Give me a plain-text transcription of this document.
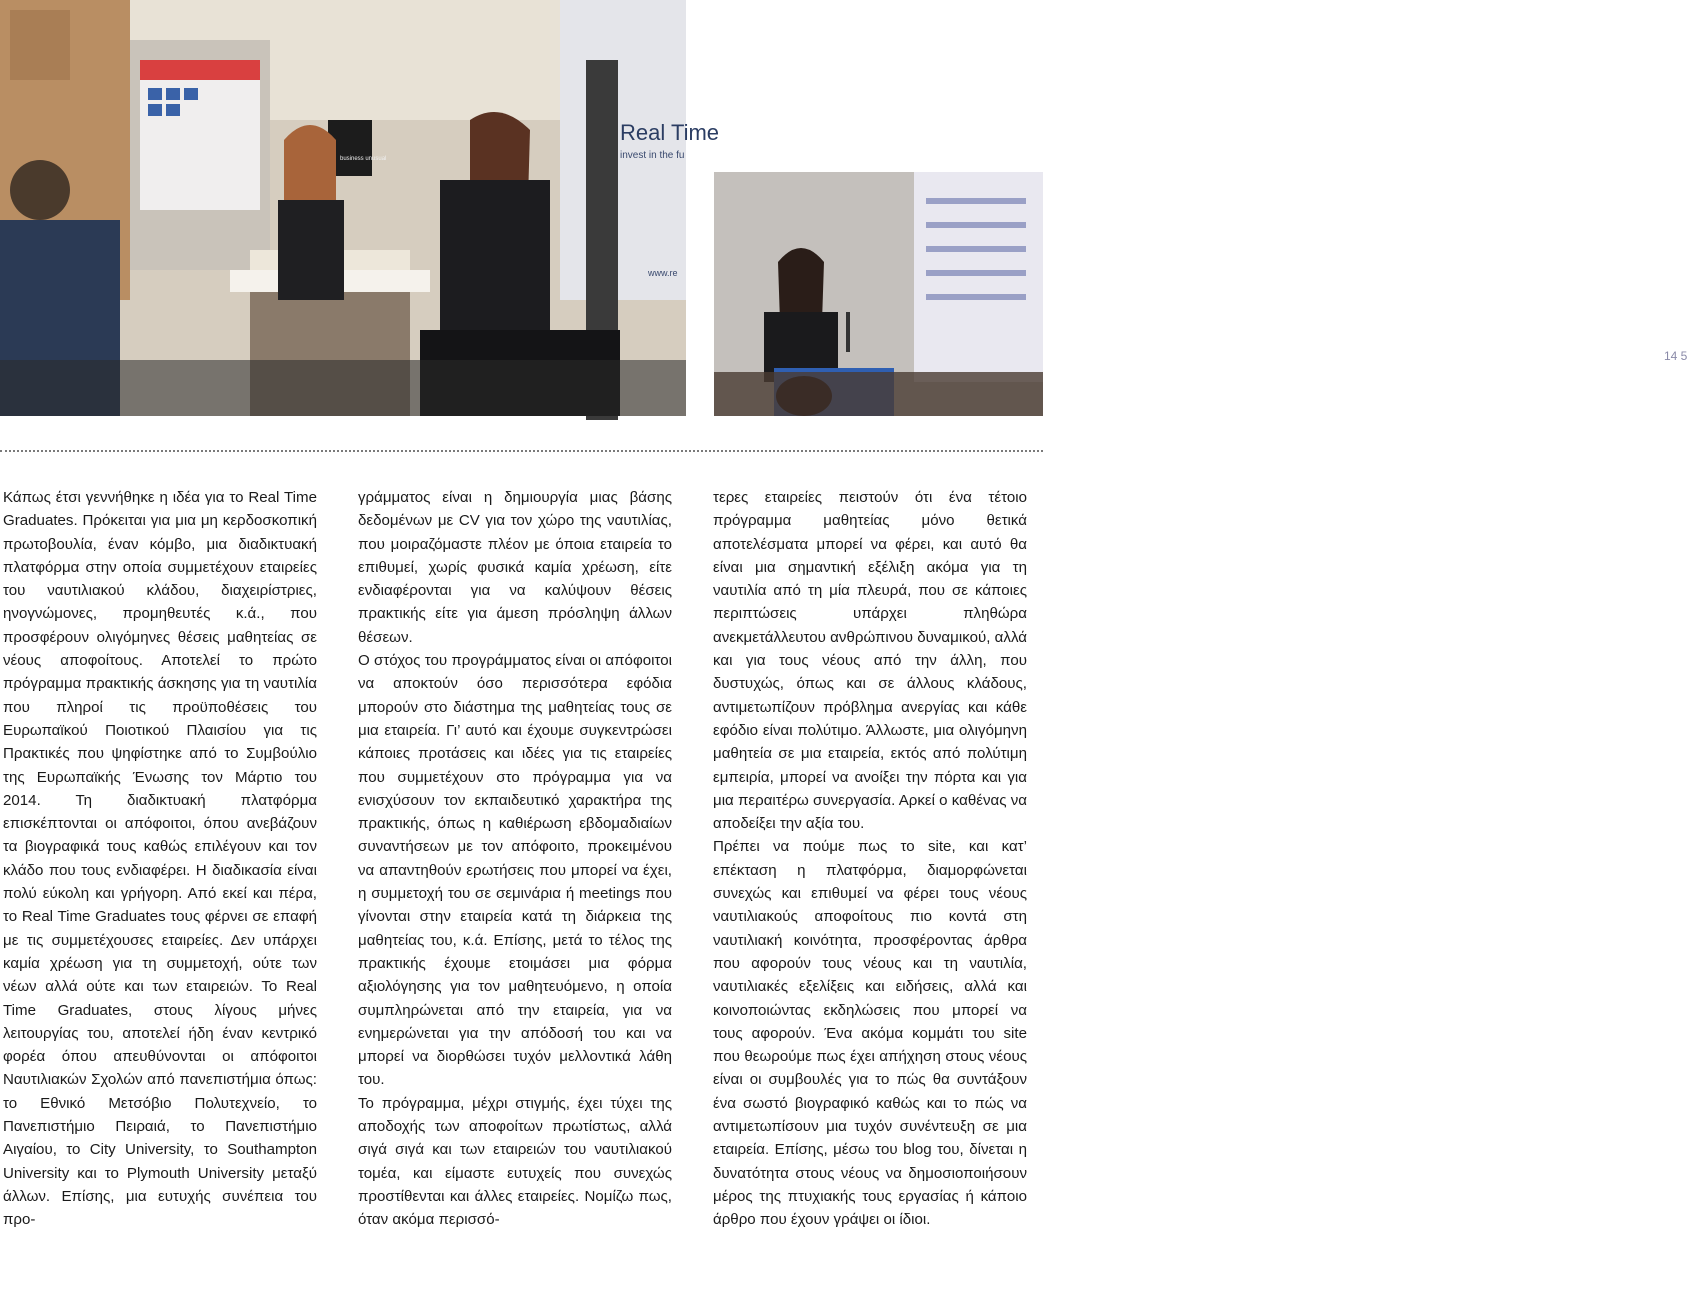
Real Time
invest in the fu
www.re
business unusual
14 5
nia 2016

Κάπως έτσι γεννήθηκε η ιδέα για το Real Time Graduates. Πρόκειται για μια μη κερδοσκοπική πρωτοβουλία, έναν κόμβο, μια διαδικτυακή πλατφόρμα στην οποία συμμετέχουν εταιρείες του ναυτιλιακού κλάδου, διαχειρίστριες, ηνογνώμονες, προμηθευτές κ.ά., που προσφέρουν ολιγόμηνες θέσεις μαθητείας σε νέους αποφοίτους. Αποτελεί το πρώτο πρόγραμμα πρακτικής άσκησης για τη ναυτιλία που πληροί τις προϋποθέσεις του Ευρωπαϊκού Ποιοτικού Πλαισίου για τις Πρακτικές που ψηφίστηκε από το Συμβούλιο της Ευρωπαϊκής Ένωσης τον Μάρτιο του 2014. Τη διαδικτυακή πλατφόρμα επισκέπτονται οι απόφοιτοι, όπου ανεβάζουν τα βιογραφικά τους καθώς επιλέγουν και τον κλάδο που τους ενδιαφέρει. Η διαδικασία είναι πολύ εύκολη και γρήγορη. Από εκεί και πέρα, το Real Time Graduates τους φέρνει σε επαφή με τις συμμετέχουσες εταιρείες. Δεν υπάρχει καμία χρέωση για τη συμμετοχή, ούτε των νέων αλλά ούτε και των εταιρειών. Το Real Time Graduates, στους λίγους μήνες λειτουργίας του, αποτελεί ήδη έναν κεντρικό φορέα όπου απευθύνονται οι απόφοιτοι Ναυτιλιακών Σχολών από πανεπιστήμια όπως: το Εθνικό Μετσόβιο Πολυτεχνείο, το Πανεπιστήμιο Πειραιά, το Πανεπιστήμιο Αιγαίου, το City University, το Southampton University και το Plymouth University μεταξύ άλλων. Επίσης, μια ευτυχής συνέπεια του προ-

γράμματος είναι η δημιουργία μιας βάσης δεδομένων με CV για τον χώρο της ναυτιλίας, που μοιραζόμαστε πλέον με όποια εταιρεία το επιθυμεί, χωρίς φυσικά καμία χρέωση, είτε ενδιαφέρονται για να καλύψουν θέσεις πρακτικής είτε για άμεση πρόσληψη άλλων θέσεων.

Ο στόχος του προγράμματος είναι οι απόφοιτοι να αποκτούν όσο περισσότερα εφόδια μπορούν στο διάστημα της μαθητείας τους σε μια εταιρεία. Γι’ αυτό και έχουμε συγκεντρώσει κάποιες προτάσεις και ιδέες για τις εταιρείες που συμμετέχουν στο πρόγραμμα για να ενισχύσουν τον εκπαιδευτικό χαρακτήρα της πρακτικής, όπως η καθιέρωση εβδομαδιαίων συναντήσεων με τον απόφοιτο, προκειμένου να απαντηθούν ερωτήσεις που μπορεί να έχει, η συμμετοχή του σε σεμινάρια ή meetings που γίνονται στην εταιρεία κατά τη διάρκεια της μαθητείας του, κ.ά. Επίσης, μετά το τέλος της πρακτικής έχουμε ετοιμάσει μια φόρμα αξιολόγησης για τον μαθητευόμενο, η οποία συμπληρώνεται από την εταιρεία, για να ενημερώνεται για την απόδοσή του και να μπορεί να διορθώσει τυχόν μελλοντικά λάθη του.

Το πρόγραμμα, μέχρι στιγμής, έχει τύχει της αποδοχής των αποφοίτων πρωτίστως, αλλά σιγά σιγά και των εταιρειών του ναυτιλιακού τομέα, και είμαστε ευτυχείς που συνεχώς προστίθενται και άλλες εταιρείες. Νομίζω πως, όταν ακόμα περισσό-

τερες εταιρείες πειστούν ότι ένα τέτοιο πρόγραμμα μαθητείας μόνο θετικά αποτελέσματα μπορεί να φέρει, και αυτό θα είναι μια σημαντική εξέλιξη ακόμα για τη ναυτιλία από τη μία πλευρά, που σε κάποιες περιπτώσεις υπάρχει πληθώρα ανεκμετάλλευτου ανθρώπινου δυναμικού, αλλά και για τους νέους από την άλλη, που δυστυχώς, όπως και σε άλλους κλάδους, αντιμετωπίζουν πρόβλημα ανεργίας και κάθε εφόδιο είναι πολύτιμο. Άλλωστε, μια ολιγόμηνη μαθητεία σε μια εταιρεία, εκτός από πολύτιμη εμπειρία, μπορεί να ανοίξει την πόρτα και για μια περαιτέρω συνεργασία. Αρκεί ο καθένας να αποδείξει την αξία του.

Πρέπει να πούμε πως το site, και κατ’ επέκταση η πλατφόρμα, διαμορφώνεται συνεχώς και επιθυμεί να φέρει τους νέους ναυτιλιακούς αποφοίτους πιο κοντά στη ναυτιλιακή κοινότητα, προσφέροντας άρθρα που αφορούν τους νέους και τη ναυτιλία, ναυτιλιακές εξελίξεις και ειδήσεις, αλλά και κοινοποιώντας εκδηλώσεις που μπορεί να τους αφορούν. Ένα ακόμα κομμάτι του site που θεωρούμε πως έχει απήχηση στους νέους είναι οι συμβουλές για το πώς θα συντάξουν ένα σωστό βιογραφικό καθώς και το πώς να αντιμετωπίσουν μια τυχόν συνέντευξη σε μια εταιρεία. Επίσης, μέσω του blog του, δίνεται η δυνατότητα στους νέους να δημοσιοποιήσουν μέρος της πτυχιακής τους εργασίας ή κάποιο άρθρο που έχουν γράψει οι ίδιοι.
